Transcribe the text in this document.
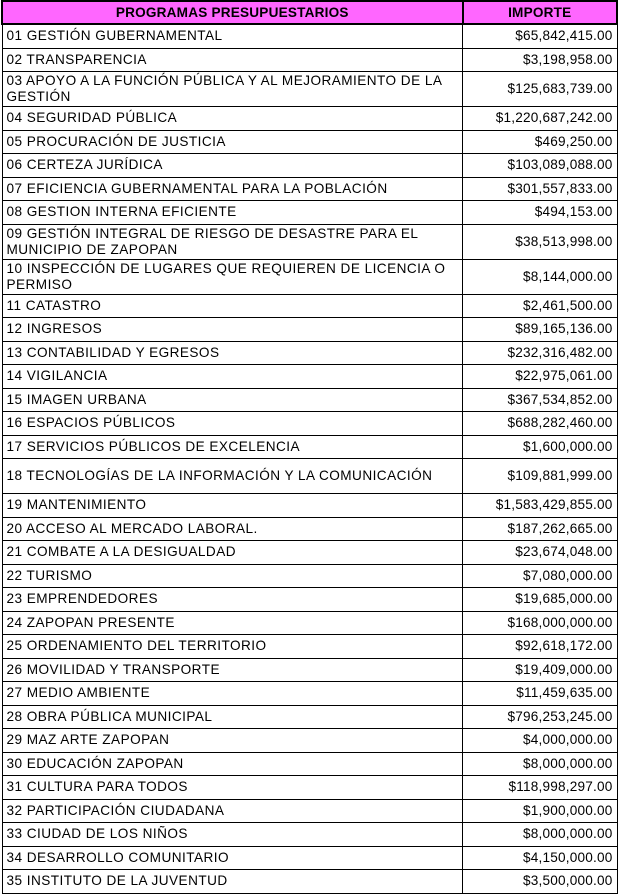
PROGRAMAS PRESUPUESTARIOS	IMPORTE
01 GESTIÓN GUBERNAMENTAL	$65,842,415.00
02 TRANSPARENCIA	$3,198,958.00
03 APOYO A LA FUNCIÓN PÚBLICA Y AL MEJORAMIENTO DE LA GESTIÓN	$125,683,739.00
04 SEGURIDAD PÚBLICA	$1,220,687,242.00
05 PROCURACIÓN DE JUSTICIA	$469,250.00
06 CERTEZA JURÍDICA	$103,089,088.00
07 EFICIENCIA GUBERNAMENTAL PARA LA POBLACIÓN	$301,557,833.00
08 GESTION INTERNA EFICIENTE	$494,153.00
09 GESTIÓN INTEGRAL DE RIESGO DE DESASTRE PARA EL MUNICIPIO DE ZAPOPAN	$38,513,998.00
10 INSPECCIÓN DE LUGARES QUE REQUIEREN DE LICENCIA O PERMISO	$8,144,000.00
11 CATASTRO	$2,461,500.00
12 INGRESOS	$89,165,136.00
13 CONTABILIDAD Y EGRESOS	$232,316,482.00
14 VIGILANCIA	$22,975,061.00
15 IMAGEN URBANA	$367,534,852.00
16 ESPACIOS PÚBLICOS	$688,282,460.00
17 SERVICIOS PÚBLICOS DE EXCELENCIA	$1,600,000.00
18 TECNOLOGÍAS DE LA INFORMACIÓN Y LA COMUNICACIÓN	$109,881,999.00
19 MANTENIMIENTO	$1,583,429,855.00
20 ACCESO AL MERCADO LABORAL.	$187,262,665.00
21 COMBATE A LA DESIGUALDAD	$23,674,048.00
22 TURISMO	$7,080,000.00
23 EMPRENDEDORES	$19,685,000.00
24 ZAPOPAN PRESENTE	$168,000,000.00
25 ORDENAMIENTO DEL TERRITORIO	$92,618,172.00
26 MOVILIDAD Y TRANSPORTE	$19,409,000.00
27 MEDIO AMBIENTE	$11,459,635.00
28 OBRA PÚBLICA MUNICIPAL	$796,253,245.00
29 MAZ ARTE ZAPOPAN	$4,000,000.00
30 EDUCACIÓN ZAPOPAN	$8,000,000.00
31 CULTURA PARA TODOS	$118,998,297.00
32 PARTICIPACIÓN CIUDADANA	$1,900,000.00
33 CIUDAD DE LOS NIÑOS	$8,000,000.00
34 DESARROLLO COMUNITARIO	$4,150,000.00
35 INSTITUTO DE LA JUVENTUD	$3,500,000.00
